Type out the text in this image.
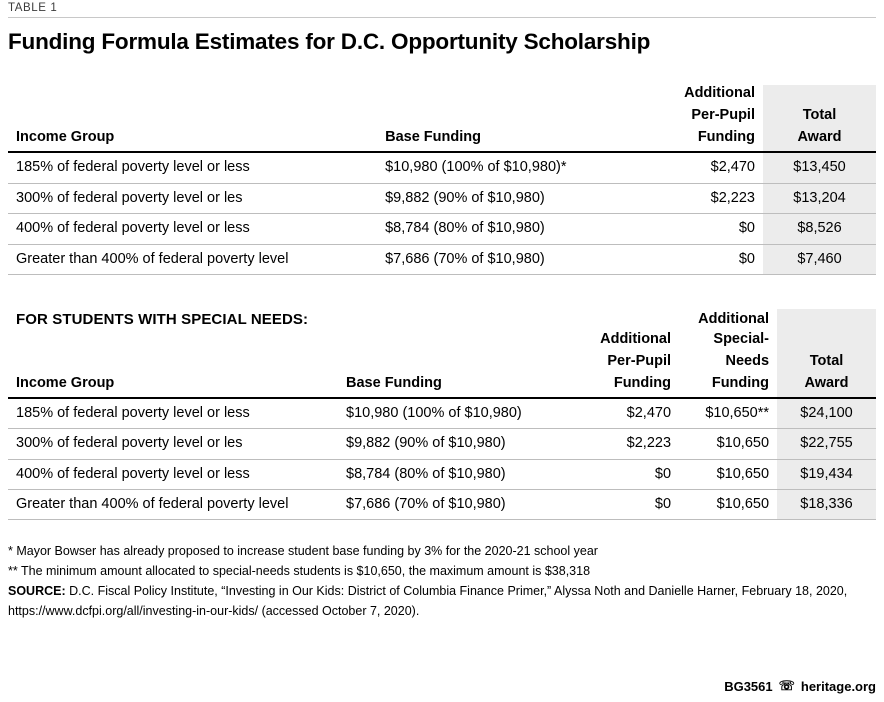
TABLE 1
Funding Formula Estimates for D.C. Opportunity Scholarship
Income Group	Base Funding	Additional	
		Per-Pupil	Total
		Funding	Award
185% of federal poverty level or less	$10,980 (100% of $10,980)*	$2,470	$13,450
300% of federal poverty level or les	$9,882 (90% of $10,980)	$2,223	$13,204
400% of federal poverty level or less	$8,784 (80% of $10,980)	$0	$8,526
Greater than 400% of federal poverty level	$7,686 (70% of $10,980)	$0	$7,460
FOR STUDENTS WITH SPECIAL NEEDS:			Additional	
		Additional	Special-	
		Per-Pupil	Needs	Total
Income Group	Base Funding	Funding	Funding	Award
185% of federal poverty level or less	$10,980 (100% of $10,980)	$2,470	$10,650**	$24,100
300% of federal poverty level or les	$9,882 (90% of $10,980)	$2,223	$10,650	$22,755
400% of federal poverty level or less	$8,784 (80% of $10,980)	$0	$10,650	$19,434
Greater than 400% of federal poverty level	$7,686 (70% of $10,980)	$0	$10,650	$18,336
* Mayor Bowser has already proposed to increase student base funding by 3% for the 2020-21 school year
** The minimum amount allocated to special-needs students is $10,650, the maximum amount is $38,318
SOURCE: D.C. Fiscal Policy Institute, “Investing in Our Kids: District of Columbia Finance Primer,” Alyssa Noth and Danielle Harner, February 18, 2020,
https://www.dcfpi.org/all/investing-in-our-kids/ (accessed October 7, 2020).
BG3561 ☏ heritage.org
